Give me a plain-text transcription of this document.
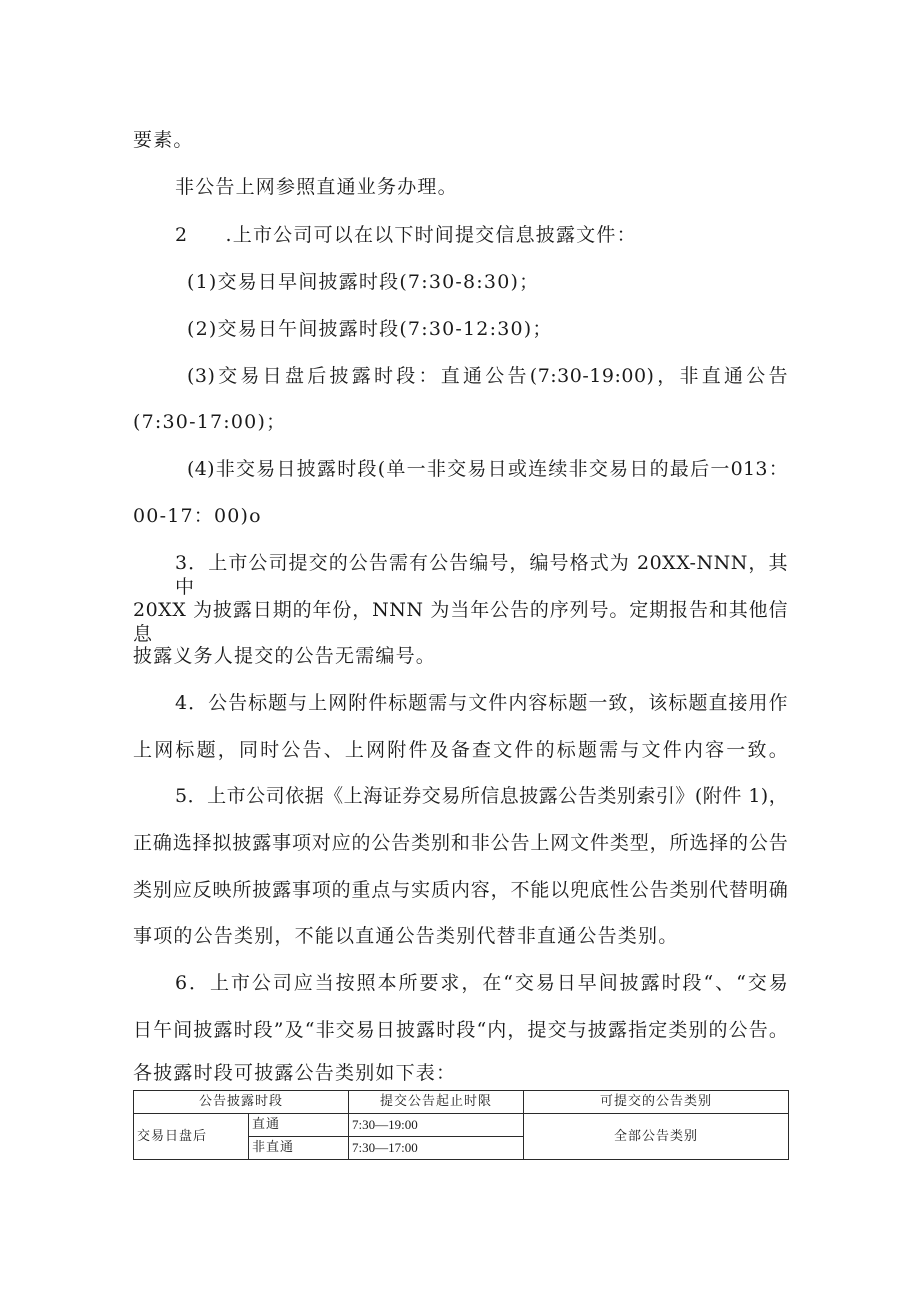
要素。
非公告上网参照直通业务办理。
2 .上市公司可以在以下时间提交信息披露文件：
(1)交易日早间披露时段(7:30-8:30)；
(2)交易日午间披露时段(7:30-12:30)；
(3)交易日盘后披露时段：直通公告(7:30-19:00)，非直通公告
(7:30-17:00)；
(4)非交易日披露时段(单一非交易日或连续非交易日的最后一013：
00-17：00)o
3．上市公司提交的公告需有公告编号，编号格式为 20XX-NNN，其中
20XX 为披露日期的年份，NNN 为当年公告的序列号。定期报告和其他信息
披露义务人提交的公告无需编号。
4．公告标题与上网附件标题需与文件内容标题一致，该标题直接用作
上网标题，同时公告、上网附件及备查文件的标题需与文件内容一致。
5．上市公司依据《上海证券交易所信息披露公告类别索引》(附件 1)，
正确选择拟披露事项对应的公告类别和非公告上网文件类型，所选择的公告
类别应反映所披露事项的重点与实质内容，不能以兜底性公告类别代替明确
事项的公告类别，不能以直通公告类别代替非直通公告类别。
6．上市公司应当按照本所要求，在“交易日早间披露时段“、“交易
日午间披露时段”及“非交易日披露时段“内，提交与披露指定类别的公告。
各披露时段可披露公告类别如下表：
公告披露时段		提交公告起止时限	可提交的公告类别
交易日盘后	直通	7:30—19:00	全部公告类别
	非直通	7:30—17:00	
